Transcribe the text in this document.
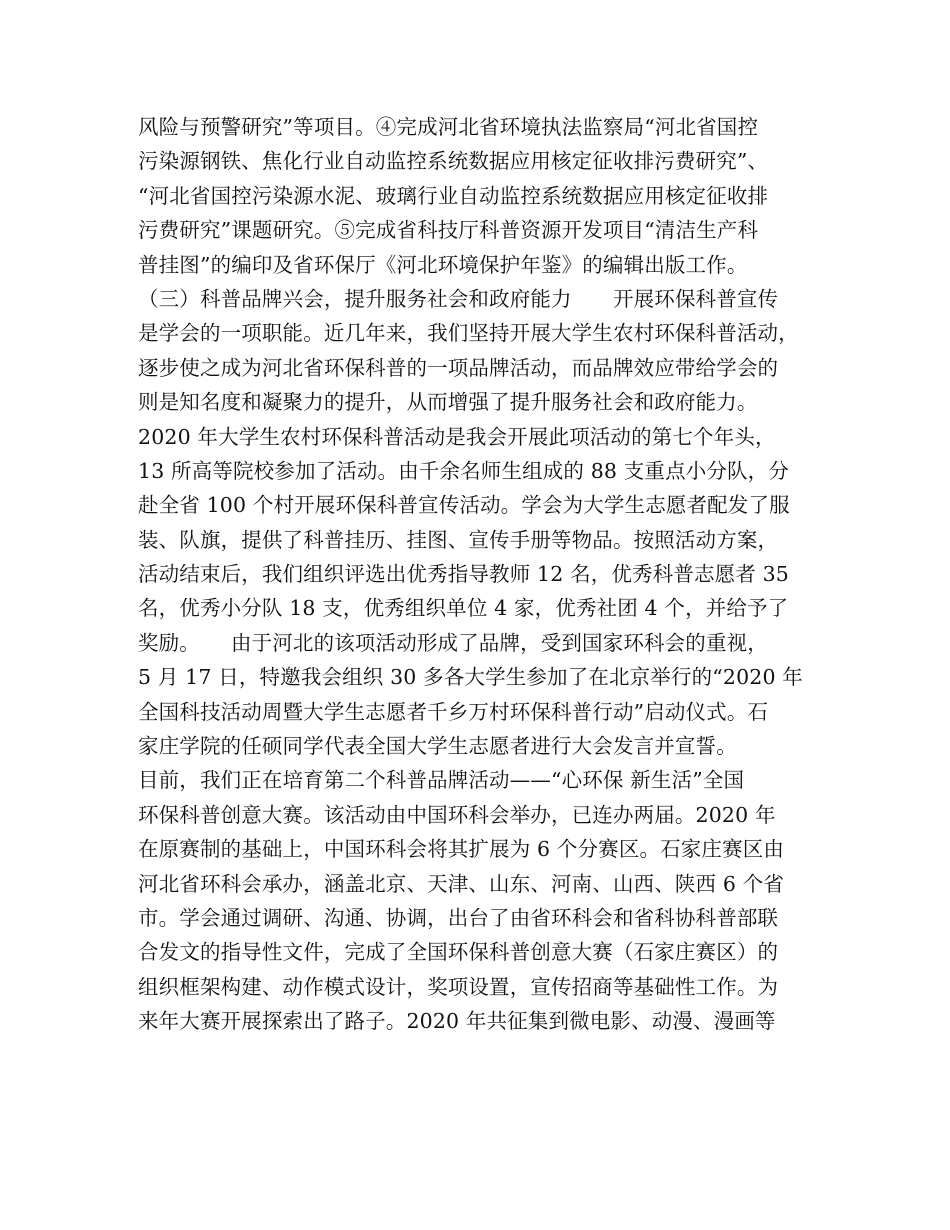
风险与预警研究”等项目。④完成河北省环境执法监察局“河北省国控
污染源钢铁、焦化行业自动监控系统数据应用核定征收排污费研究”、
“河北省国控污染源水泥、玻璃行业自动监控系统数据应用核定征收排
污费研究”课题研究。⑤完成省科技厅科普资源开发项目“清洁生产科
普挂图”的编印及省环保厅《河北环境保护年鉴》的编辑出版工作。
（三）科普品牌兴会，提升服务社会和政府能力　　开展环保科普宣传
是学会的一项职能。近几年来，我们坚持开展大学生农村环保科普活动，
逐步使之成为河北省环保科普的一项品牌活动，而品牌效应带给学会的
则是知名度和凝聚力的提升，从而增强了提升服务社会和政府能力。
2020 年大学生农村环保科普活动是我会开展此项活动的第七个年头，
13 所高等院校参加了活动。由千余名师生组成的 88 支重点小分队，分
赴全省 100 个村开展环保科普宣传活动。学会为大学生志愿者配发了服
装、队旗，提供了科普挂历、挂图、宣传手册等物品。按照活动方案，
活动结束后，我们组织评选出优秀指导教师 12 名，优秀科普志愿者 35
名，优秀小分队 18 支，优秀组织单位 4 家，优秀社团 4 个，并给予了
奖励。　　由于河北的该项活动形成了品牌，受到国家环科会的重视，
5 月 17 日，特邀我会组织 30 多各大学生参加了在北京举行的“2020 年
全国科技活动周暨大学生志愿者千乡万村环保科普行动”启动仪式。石
家庄学院的任硕同学代表全国大学生志愿者进行大会发言并宣誓。
目前，我们正在培育第二个科普品牌活动——“心环保 新生活”全国
环保科普创意大赛。该活动由中国环科会举办，已连办两届。2020 年
在原赛制的基础上，中国环科会将其扩展为 6 个分赛区。石家庄赛区由
河北省环科会承办，涵盖北京、天津、山东、河南、山西、陕西 6 个省
市。学会通过调研、沟通、协调，出台了由省环科会和省科协科普部联
合发文的指导性文件，完成了全国环保科普创意大赛（石家庄赛区）的
组织框架构建、动作模式设计，奖项设置，宣传招商等基础性工作。为
来年大赛开展探索出了路子。2020 年共征集到微电影、动漫、漫画等
